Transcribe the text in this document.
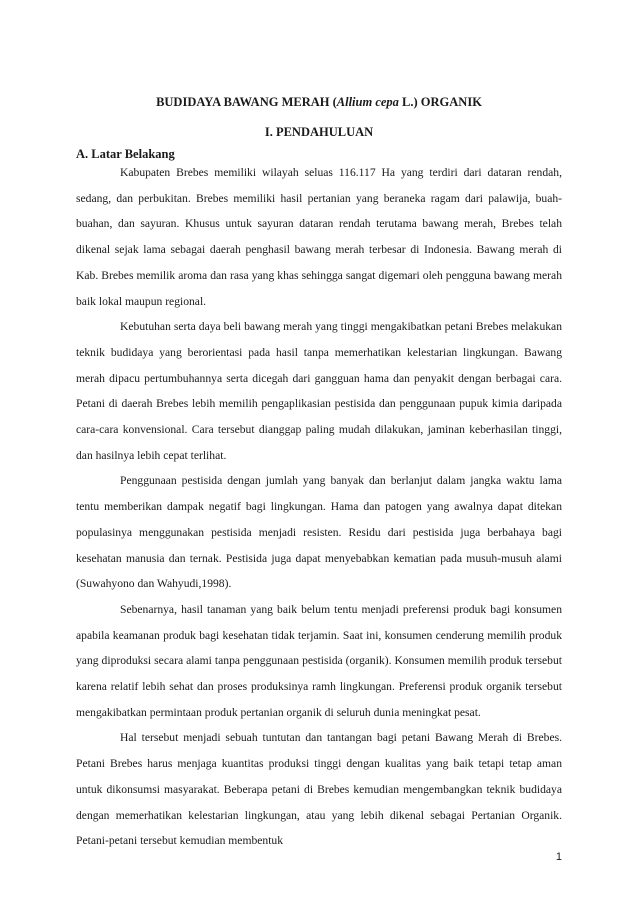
BUDIDAYA BAWANG MERAH (Allium cepa L.) ORGANIK
I. PENDAHULUAN
A. Latar Belakang

Kabupaten Brebes memiliki wilayah seluas 116.117 Ha yang terdiri dari dataran rendah, sedang, dan perbukitan. Brebes memiliki hasil pertanian yang beraneka ragam dari palawija, buah-buahan, dan sayuran. Khusus untuk sayuran dataran rendah terutama bawang merah, Brebes telah dikenal sejak lama sebagai daerah penghasil bawang merah terbesar di Indonesia. Bawang merah di Kab. Brebes memilik aroma dan rasa yang khas sehingga sangat digemari oleh pengguna bawang merah baik lokal maupun regional.

Kebutuhan serta daya beli bawang merah yang tinggi mengakibatkan petani Brebes melakukan teknik budidaya yang berorientasi pada hasil tanpa memerhatikan kelestarian lingkungan. Bawang merah dipacu pertumbuhannya serta dicegah dari gangguan hama dan penyakit dengan berbagai cara. Petani di daerah Brebes lebih memilih pengaplikasian pestisida dan penggunaan pupuk kimia daripada cara-cara konvensional. Cara tersebut dianggap paling mudah dilakukan, jaminan keberhasilan tinggi, dan hasilnya lebih cepat terlihat.

Penggunaan pestisida dengan jumlah yang banyak dan berlanjut dalam jangka waktu lama tentu memberikan dampak negatif bagi lingkungan. Hama dan patogen yang awalnya dapat ditekan populasinya menggunakan pestisida menjadi resisten. Residu dari pestisida juga berbahaya bagi kesehatan manusia dan ternak. Pestisida juga dapat menyebabkan kematian pada musuh-musuh alami (Suwahyono dan Wahyudi,1998).

Sebenarnya, hasil tanaman yang baik belum tentu menjadi preferensi produk bagi konsumen apabila keamanan produk bagi kesehatan tidak terjamin. Saat ini, konsumen cenderung memilih produk yang diproduksi secara alami tanpa penggunaan pestisida (organik). Konsumen memilih produk tersebut karena relatif lebih sehat dan proses produksinya ramh lingkungan. Preferensi produk organik tersebut mengakibatkan permintaan produk pertanian organik di seluruh dunia meningkat pesat.

Hal tersebut menjadi sebuah tuntutan dan tantangan bagi petani Bawang Merah di Brebes. Petani Brebes harus menjaga kuantitas produksi tinggi dengan kualitas yang baik tetapi tetap aman untuk dikonsumsi masyarakat. Beberapa petani di Brebes kemudian mengembangkan teknik budidaya dengan memerhatikan kelestarian lingkungan, atau yang lebih dikenal sebagai Pertanian Organik. Petani-petani tersebut kemudian membentuk

1
